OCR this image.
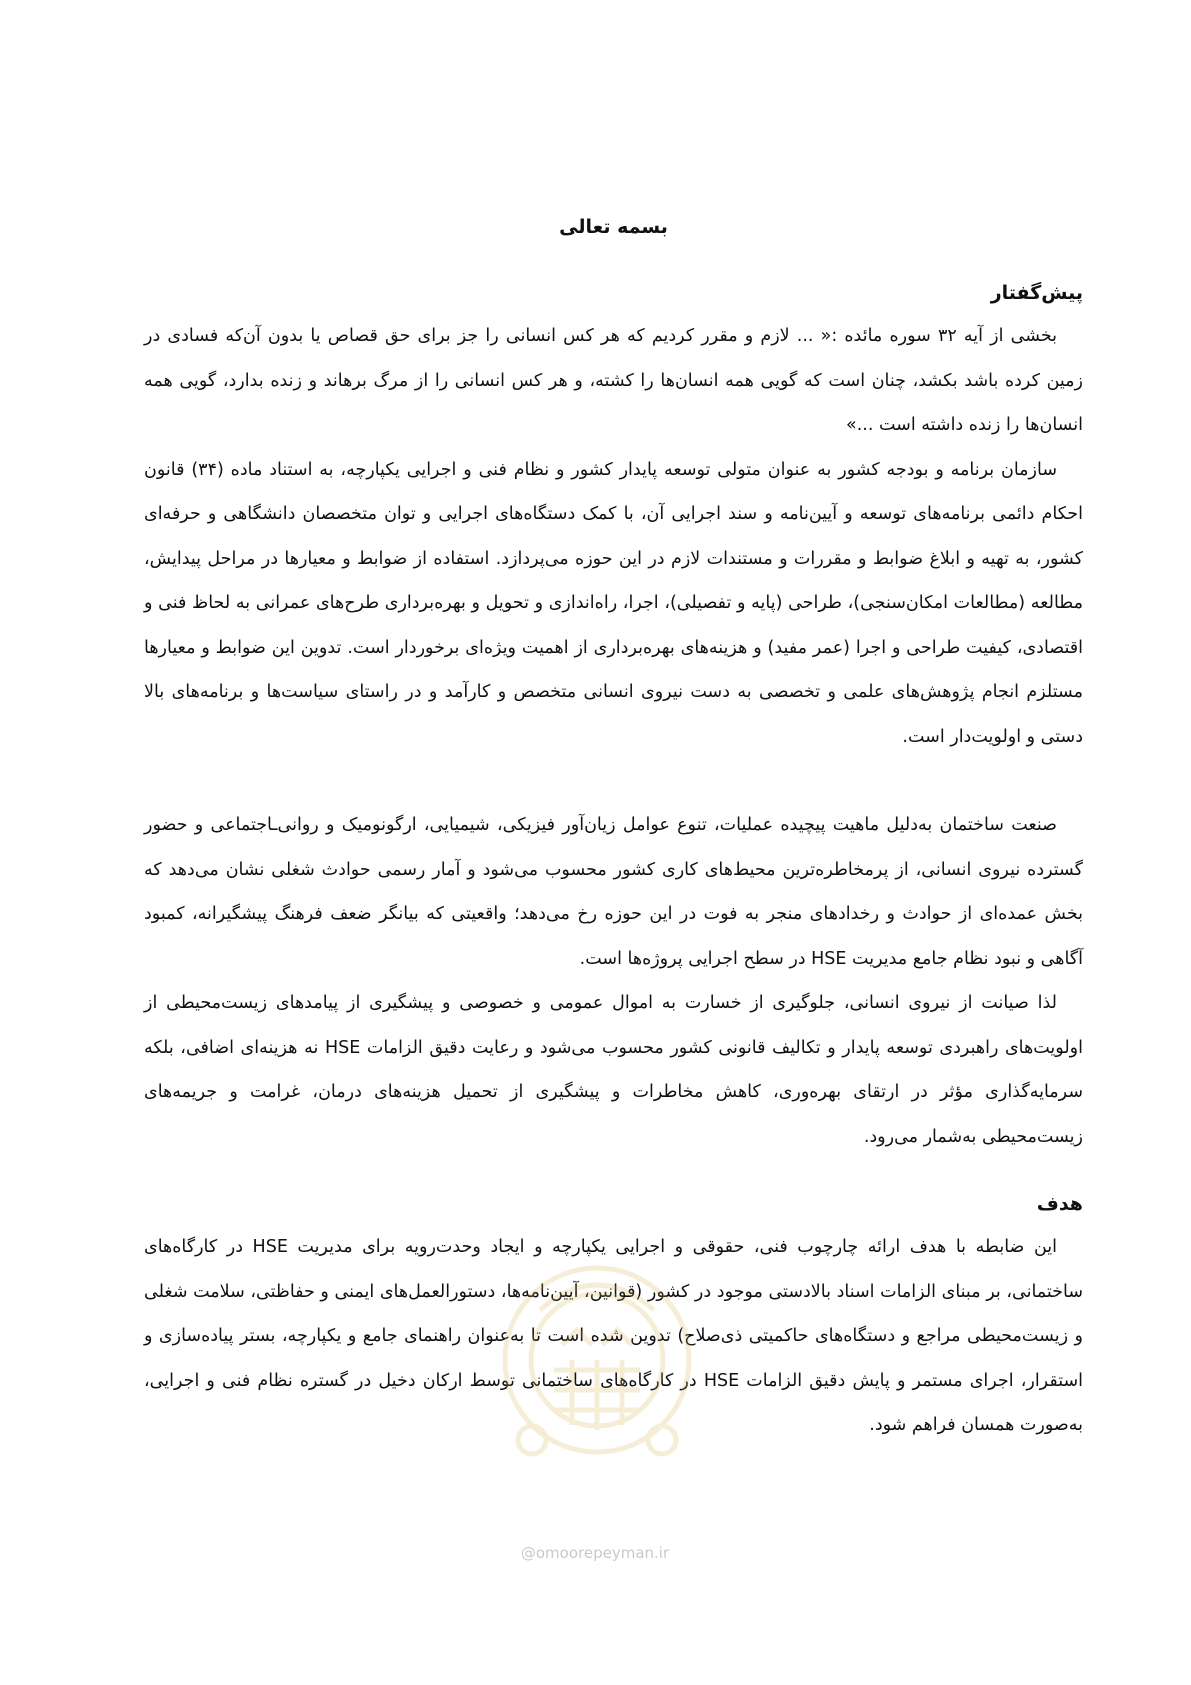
بسمه تعالی

پیش‌گفتار

بخشی از آیه ۳۲ سوره مائده :« ... لازم و مقرر کردیم که هر کس انسانی را جز برای حق قصاص یا بدون آن‌که فسادی در زمین کرده باشد بکشد، چنان است که گویی همه انسان‌ها را کشته، و هر کس انسانی را از مرگ برهاند و زنده بدارد، گویی همه انسان‌ها را زنده داشته است ...»

سازمان برنامه و بودجه کشور به عنوان متولی توسعه پایدار کشور و نظام فنی و اجرایی یکپارچه، به استناد ماده (۳۴) قانون احکام دائمی برنامه‌های توسعه و آیین‌نامه و سند اجرایی آن، با کمک دستگاه‌های اجرایی و توان متخصصان دانشگاهی و حرفه‌ای کشور، به تهیه و ابلاغ ضوابط و مقررات و مستندات لازم در این حوزه می‌پردازد. استفاده از ضوابط و معیارها در مراحل پیدایش، مطالعه (مطالعات امکان‌سنجی)، طراحی (پایه و تفصیلی)، اجرا، راه‌اندازی و تحویل و بهره‌برداری طرح‌های عمرانی به لحاظ فنی و اقتصادی، کیفیت طراحی و اجرا (عمر مفید) و هزینه‌های بهره‌برداری از اهمیت ویژه‌ای برخوردار است. تدوین این ضوابط و معیارها مستلزم انجام پژوهش‌های علمی و تخصصی به دست نیروی انسانی متخصص و کارآمد و در راستای سیاست‌ها و برنامه‌های بالا دستی و اولویت‌دار است.

صنعت ساختمان به‌دلیل ماهیت پیچیده عملیات، تنوع عوامل زیان‌آور فیزیکی، شیمیایی، ارگونومیک و روانی‌ـاجتماعی و حضور گسترده نیروی انسانی، از پرمخاطره‌ترین محیط‌های کاری کشور محسوب می‌شود و آمار رسمی حوادث شغلی نشان می‌دهد که بخش عمده‌ای از حوادث و رخدادهای منجر به فوت در این حوزه رخ می‌دهد؛ واقعیتی که بیانگر ضعف فرهنگ پیشگیرانه، کمبود آگاهی و نبود نظام جامع مدیریت HSE در سطح اجرایی پروژه‌ها است.

لذا صیانت از نیروی انسانی، جلوگیری از خسارت به اموال عمومی و خصوصی و پیشگیری از پیامدهای زیست‌محیطی از اولویت‌های راهبردی توسعه پایدار و تکالیف قانونی کشور محسوب می‌شود و رعایت دقیق الزامات HSE نه هزینه‌ای اضافی، بلکه سرمایه‌گذاری مؤثر در ارتقای بهره‌وری، کاهش مخاطرات و پیشگیری از تحمیل هزینه‌های درمان، غرامت و جریمه‌های زیست‌محیطی به‌شمار می‌رود.

هدف

این ضابطه با هدف ارائه چارچوب فنی، حقوقی و اجرایی یکپارچه و ایجاد وحدت‌رویه برای مدیریت HSE در کارگاه‌های ساختمانی، بر مبنای الزامات اسناد بالادستی موجود در کشور (قوانین، آیین‌نامه‌ها، دستورالعمل‌های ایمنی و حفاظتی، سلامت شغلی و زیست‌محیطی مراجع و دستگاه‌های حاکمیتی ذی‌صلاح) تدوین شده است تا به‌عنوان راهنمای جامع و یکپارچه، بستر پیاده‌سازی و استقرار، اجرای مستمر و پایش دقیق الزامات HSE در کارگاه‌های ساختمانی توسط ارکان دخیل در گستره نظام فنی و اجرایی، به‌صورت همسان فراهم شود.

@omoorepeyman.ir
